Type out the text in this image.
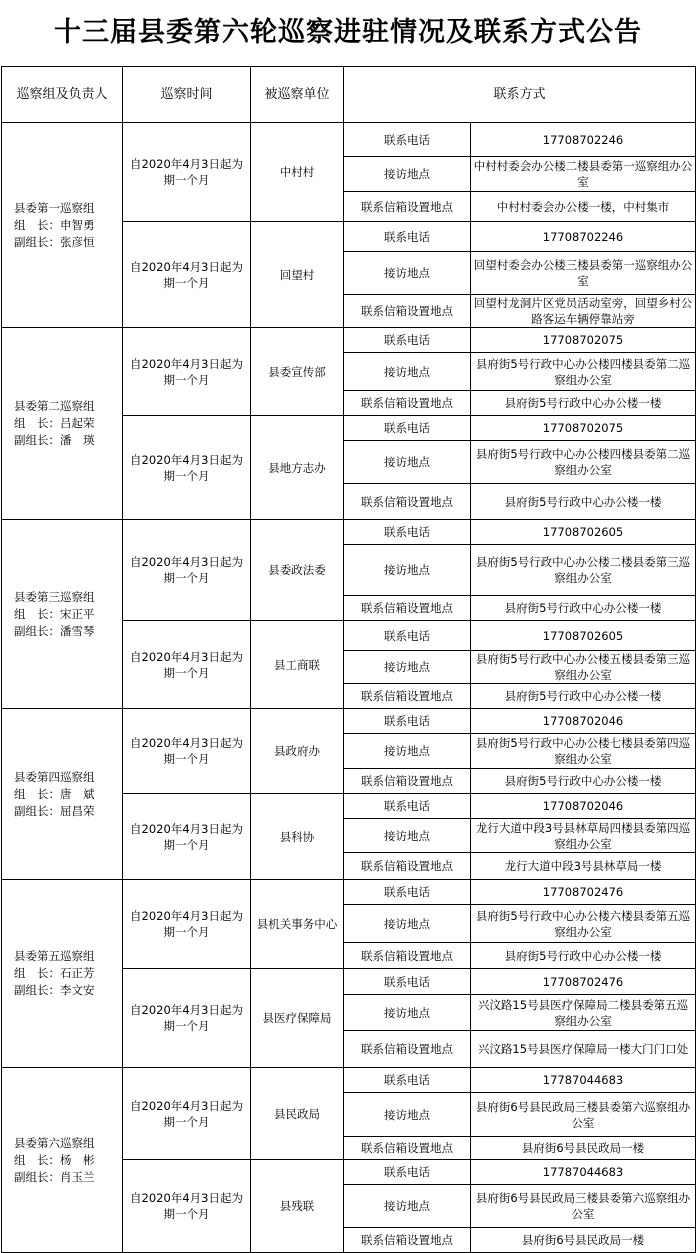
十三届县委第六轮巡察进驻情况及联系方式公告
巡察组及负责人	巡察时间	被巡察单位	联系方式	

县委第一巡察组
组　长：申智勇
副组长：张彦恒	自2020年4月3日起为期一个月	中村村	联系电话	17708702246
			接访地点	中村村委会办公楼二楼县委第一巡察组办公室
			联系信箱设置地点	中村村委会办公楼一楼，中村集市
	自2020年4月3日起为期一个月	回望村	联系电话	17708702246
			接访地点	回望村委会办公楼三楼县委第一巡察组办公室
			联系信箱设置地点	回望村龙洞片区党员活动室旁，回望乡村公路客运车辆停靠站旁

县委第二巡察组
组　长：吕起荣
副组长：潘　瑛	自2020年4月3日起为期一个月	县委宣传部	联系电话	17708702075
			接访地点	县府街5号行政中心办公楼四楼县委第二巡察组办公室
			联系信箱设置地点	县府街5号行政中心办公楼一楼
	自2020年4月3日起为期一个月	县地方志办	联系电话	17708702075
			接访地点	县府街5号行政中心办公楼四楼县委第二巡察组办公室
			联系信箱设置地点	县府街5号行政中心办公楼一楼

县委第三巡察组
组　长：宋正平
副组长：潘雪琴	自2020年4月3日起为期一个月	县委政法委	联系电话	17708702605
			接访地点	县府街5号行政中心办公楼二楼县委第三巡察组办公室
			联系信箱设置地点	县府街5号行政中心办公楼一楼
	自2020年4月3日起为期一个月	县工商联	联系电话	17708702605
			接访地点	县府街5号行政中心办公楼五楼县委第三巡察组办公室
			联系信箱设置地点	县府街5号行政中心办公楼一楼

县委第四巡察组
组　长：唐　斌
副组长：屈昌荣	自2020年4月3日起为期一个月	县政府办	联系电话	17708702046
			接访地点	县府街5号行政中心办公楼七楼县委第四巡察组办公室
			联系信箱设置地点	县府街5号行政中心办公楼一楼
	自2020年4月3日起为期一个月	县科协	联系电话	17708702046
			接访地点	龙行大道中段3号县林草局四楼县委第四巡察组办公室
			联系信箱设置地点	龙行大道中段3号县林草局一楼

县委第五巡察组
组　长：石正芳
副组长：李文安	自2020年4月3日起为期一个月	县机关事务中心	联系电话	17708702476
			接访地点	县府街5号行政中心办公楼六楼县委第五巡察组办公室
			联系信箱设置地点	县府街5号行政中心办公楼一楼
	自2020年4月3日起为期一个月	县医疗保障局	联系电话	17708702476
			接访地点	兴汶路15号县医疗保障局二楼县委第五巡察组办公室
			联系信箱设置地点	兴汶路15号县医疗保障局一楼大门门口处

县委第六巡察组
组　长：杨　彬
副组长：肖玉兰	自2020年4月3日起为期一个月	县民政局	联系电话	17787044683
			接访地点	县府街6号县民政局三楼县委第六巡察组办公室
			联系信箱设置地点	县府街6号县民政局一楼
	自2020年4月3日起为期一个月	县残联	联系电话	17787044683
			接访地点	县府街6号县民政局三楼县委第六巡察组办公室
			联系信箱设置地点	县府街6号县民政局一楼
